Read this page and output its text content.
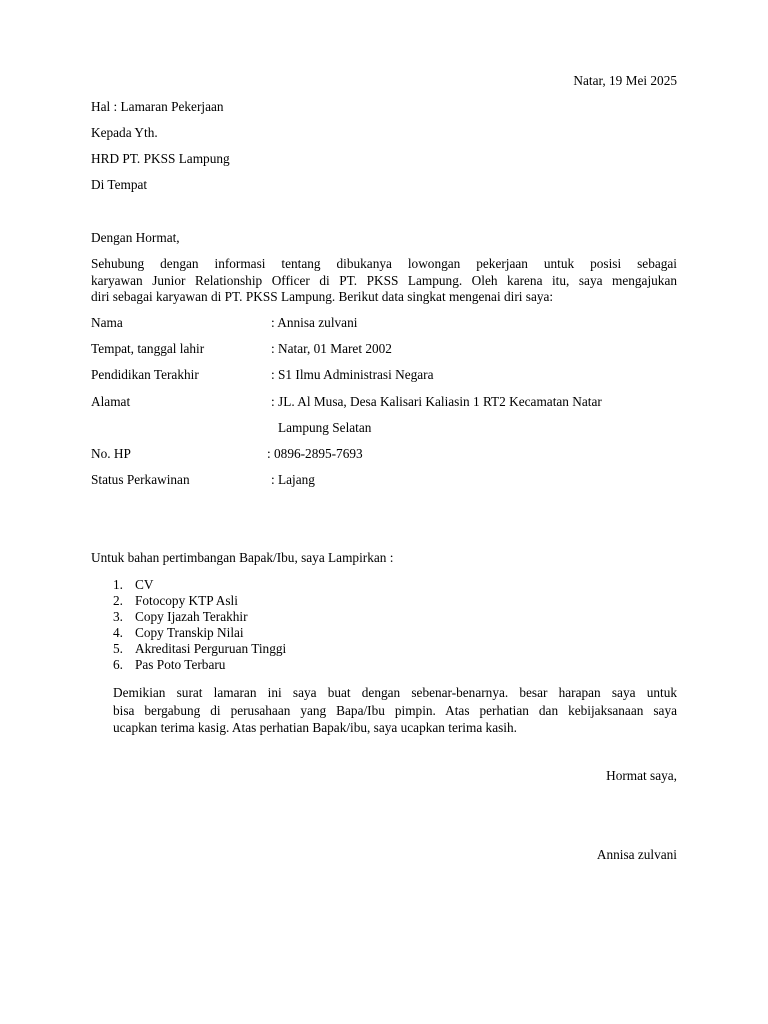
Natar, 19 Mei 2025
Hal : Lamaran Pekerjaan
Kepada Yth.
HRD PT. PKSS Lampung
Di Tempat
Dengan Hormat,
Sehubung dengan informasi tentang dibukanya lowongan pekerjaan untuk posisi sebagai
karyawan Junior Relationship Officer di PT. PKSS Lampung. Oleh karena itu, saya mengajukan
diri sebagai karyawan di PT. PKSS Lampung. Berikut data singkat mengenai diri saya:
Nama	: Annisa zulvani
Tempat, tanggal lahir	: Natar, 01 Maret 2002
Pendidikan Terakhir	: S1 Ilmu Administrasi Negara
Alamat	: JL. Al Musa, Desa Kalisari Kaliasin 1 RT2 Kecamatan Natar
Lampung Selatan
No. HP	: 0896-2895-7693
Status Perkawinan	: Lajang
Untuk bahan pertimbangan Bapak/Ibu, saya Lampirkan :
1. CV
2. Fotocopy KTP Asli
3. Copy Ijazah Terakhir
4. Copy Transkip Nilai
5. Akreditasi Perguruan Tinggi
6. Pas Poto Terbaru
Demikian surat lamaran ini saya buat dengan sebenar-benarnya. besar harapan saya untuk
bisa bergabung di perusahaan yang Bapa/Ibu pimpin. Atas perhatian dan kebijaksanaan saya
ucapkan terima kasig. Atas perhatian Bapak/ibu, saya ucapkan terima kasih.
Hormat saya,
Annisa zulvani
